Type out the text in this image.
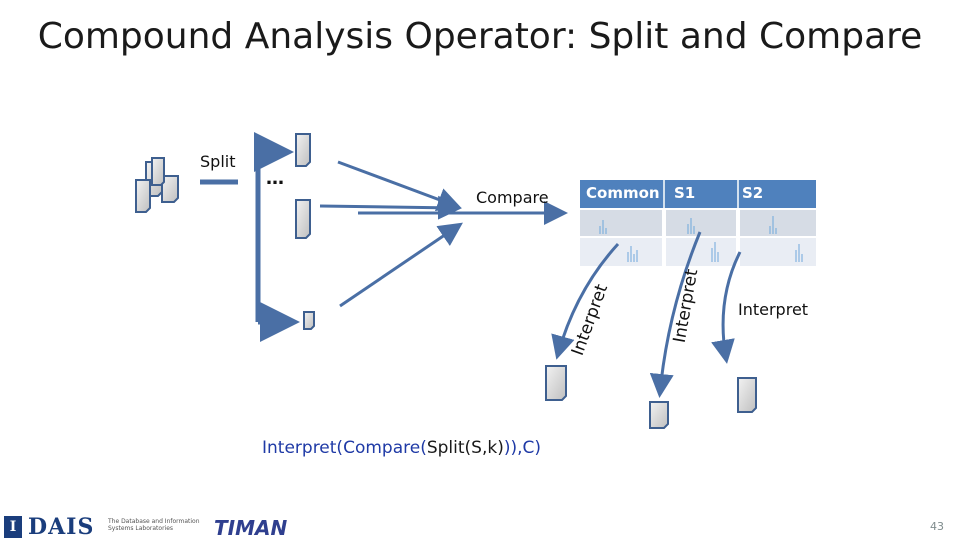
Compound Analysis Operator: Split and Compare
Split
…
Compare
Interpret
Interpret	Interpret
Common S1	S2
Interpret(Compare(Split(S,k))),C)
I DAIS The Database and Information Systems Laboratories	TIMAN	43
